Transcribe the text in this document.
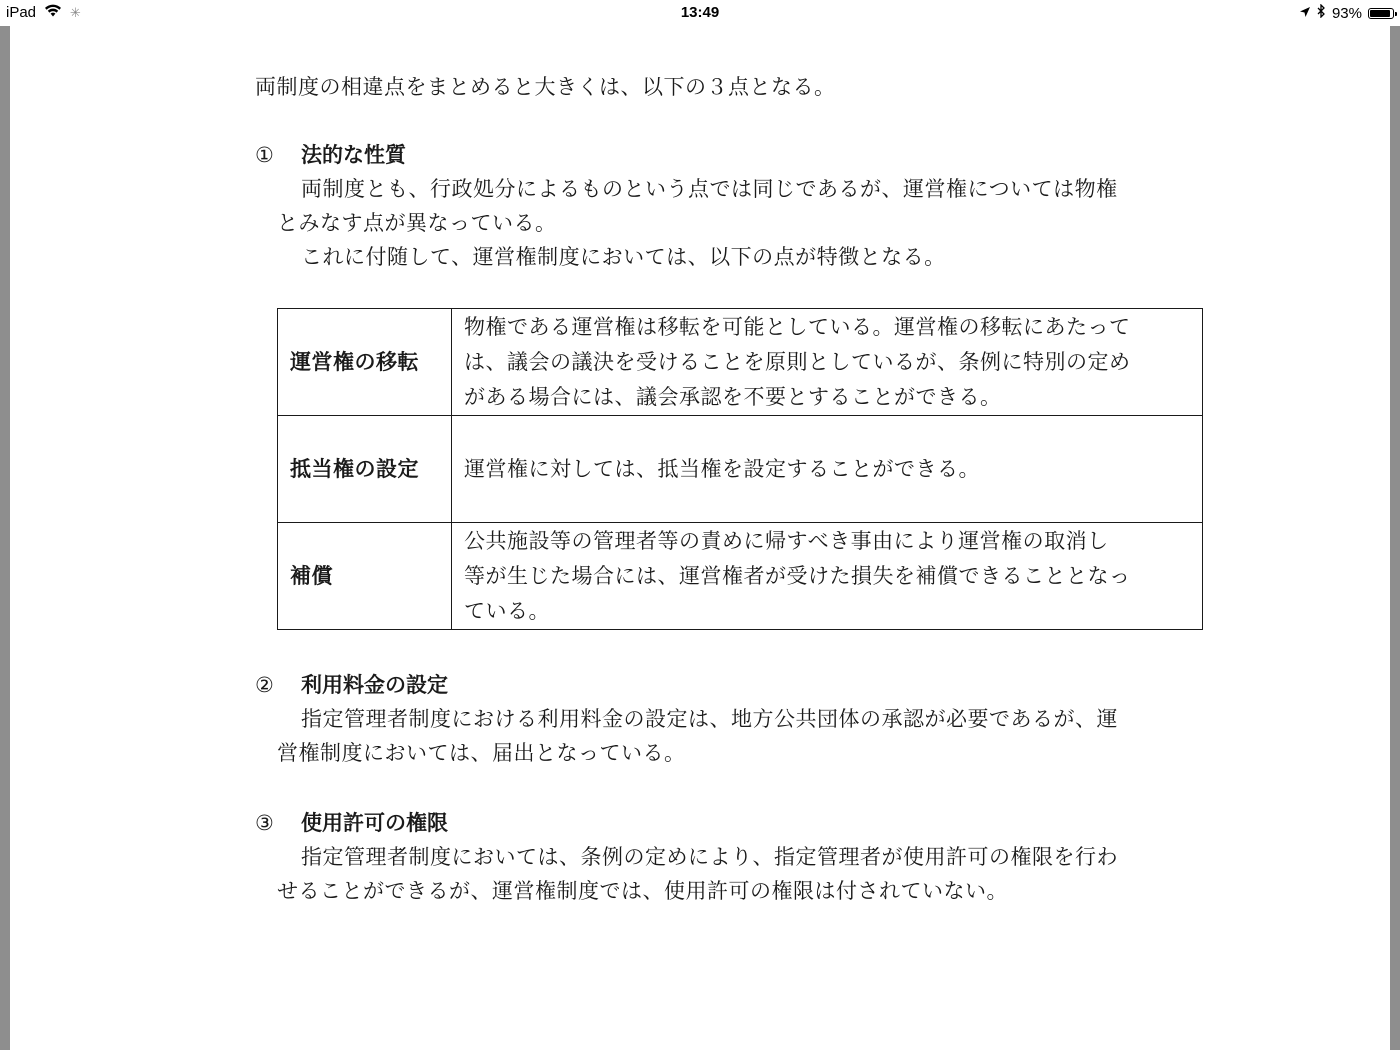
iPad	✳	13:49	93%
両制度の相違点をまとめると大きくは、以下の３点となる。
① 法的な性質
両制度とも、行政処分によるものという点では同じであるが、運営権については物権
とみなす点が異なっている。
これに付随して、運営権制度においては、以下の点が特徴となる。
運営権の移転	物権である運営権は移転を可能としている。運営権の移転にあたって
は、議会の議決を受けることを原則としているが、条例に特別の定め
がある場合には、議会承認を不要とすることができる。

抵当権の設定	運営権に対しては、抵当権を設定することができる。

補償	公共施設等の管理者等の責めに帰すべき事由により運営権の取消し
等が生じた場合には、運営権者が受けた損失を補償できることとなっ
ている。
② 利用料金の設定
指定管理者制度における利用料金の設定は、地方公共団体の承認が必要であるが、運
営権制度においては、届出となっている。
③ 使用許可の権限
指定管理者制度においては、条例の定めにより、指定管理者が使用許可の権限を行わ
せることができるが、運営権制度では、使用許可の権限は付されていない。
